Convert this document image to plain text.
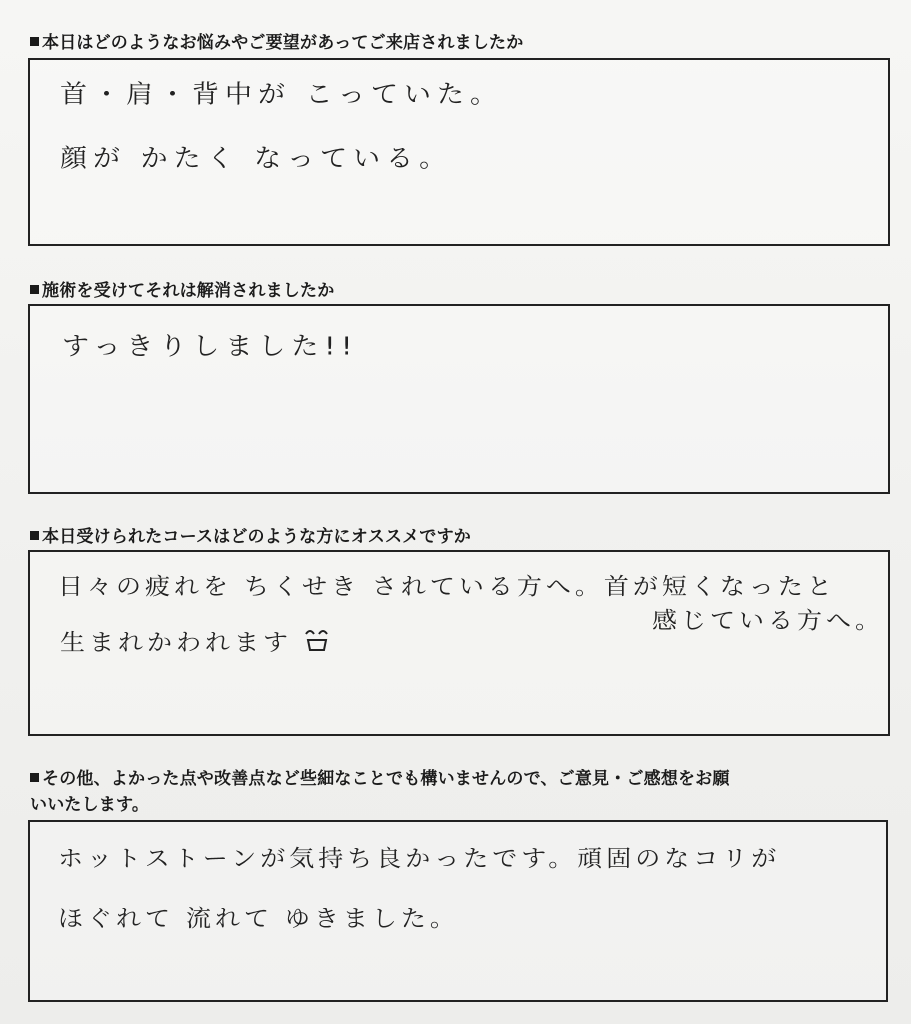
本日はどのようなお悩みやご要望があってご来店されましたか
首・肩・背中が こっていた。
顔が かたく なっている。
施術を受けてそれは解消されましたか
すっきりしました!!
本日受けられたコースはどのような方にオススメですか
日々の疲れを ちくせき されている方へ。首が短くなったと
感じている方へ。
生まれかわれます
その他、よかった点や改善点など些細なことでも構いませんので、ご意見・ご感想をお願
いいたします。
ホットストーンが気持ち良かったです。頑固のなコリが
ほぐれて 流れて ゆきました。
